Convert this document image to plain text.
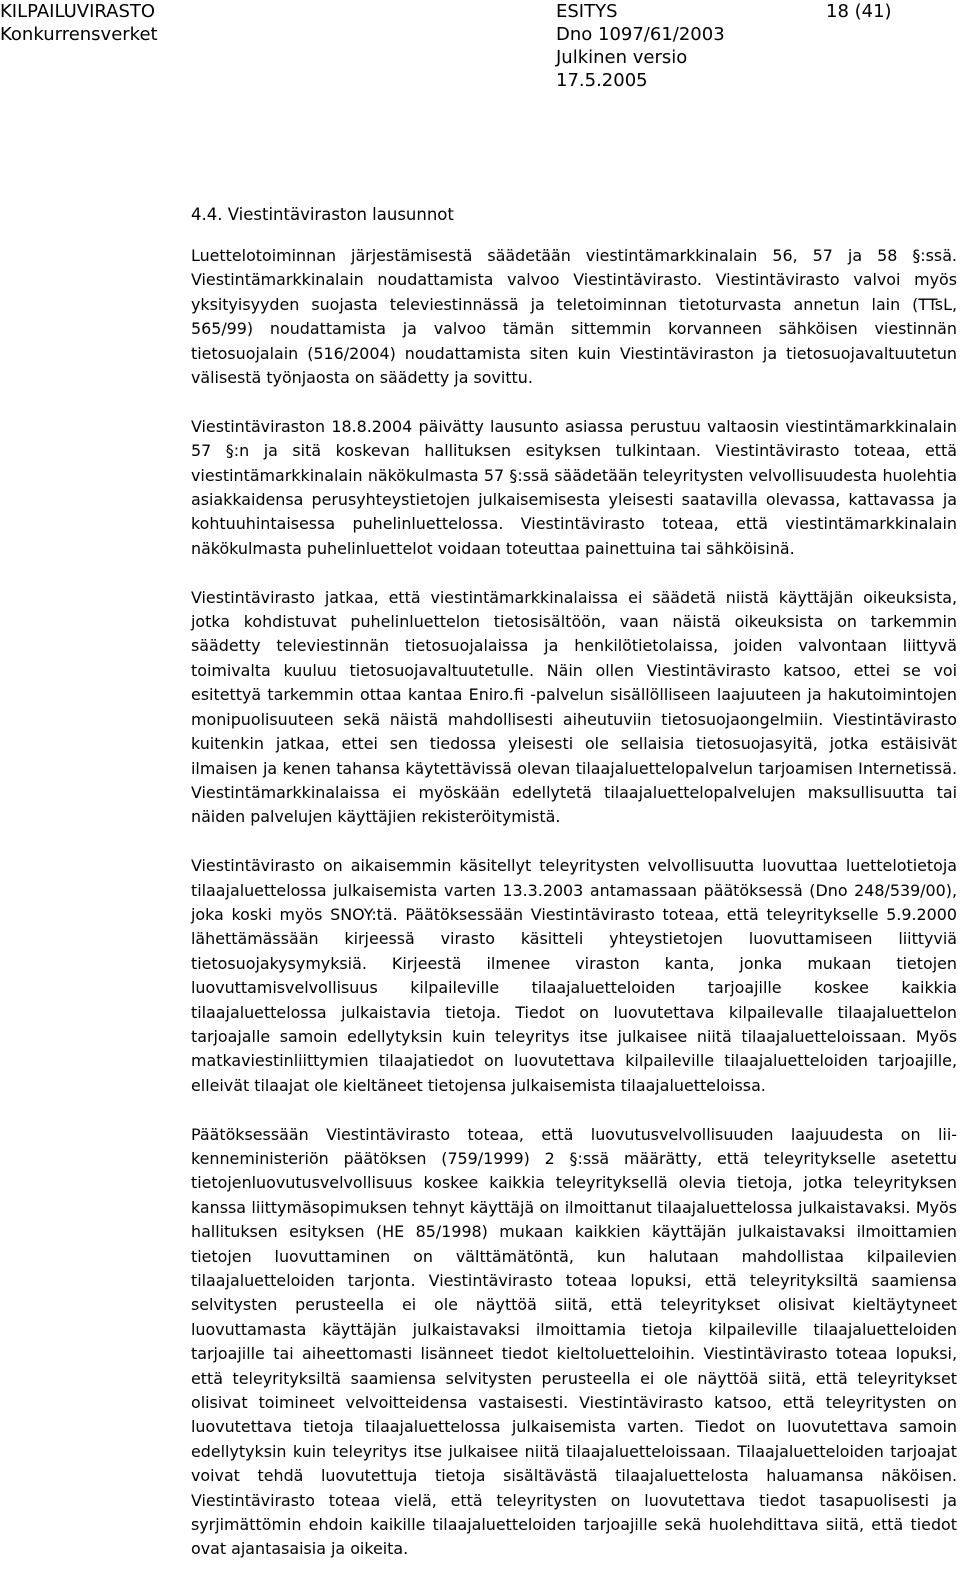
KILPAILUVIRASTO
Konkurrensverket
ESITYS
Dno 1097/61/2003
Julkinen versio
17.5.2005
18 (41)
4.4. Viestintäviraston lausunnot

Luettelotoiminnan järjestämisestä säädetään viestintämarkkinalain 56, 57 ja 58 §:ssä. Viestintämarkkinalain noudattamista valvoo Viestintävirasto. Viestintävirasto valvoi myös yksityisyyden suojasta televiestinnässä ja teletoiminnan tietoturvasta annetun lain (TTsL, 565/99) noudattamista ja valvoo tämän sittemmin korvanneen sähköisen viestinnän tietosuojalain (516/2004) noudattamista siten kuin Viestintäviraston ja tietosuojavaltuutetun välisestä työnjaosta on säädetty ja sovittu.

Viestintäviraston 18.8.2004 päivätty lausunto asiassa perustuu valtaosin viestintämarkkinalain 57 §:n ja sitä koskevan hallituksen esityksen tulkintaan. Viestintävirasto toteaa, että viestintämarkkinalain näkökulmasta 57 §:ssä säädetään teleyritysten velvollisuudesta huolehtia asiakkaidensa perusyhteystietojen julkaisemisesta yleisesti saatavilla olevassa, kattavassa ja kohtuuhintaisessa puhelinluettelossa. Viestintävirasto toteaa, että viestintämarkkinalain näkökulmasta puhelinluettelot voidaan toteuttaa painettuina tai sähköisinä.

Viestintävirasto jatkaa, että viestintämarkkinalaissa ei säädetä niistä käyttäjän oikeuksista, jotka kohdistuvat puhelinluettelon tietosisältöön, vaan näistä oikeuksista on tarkemmin säädetty televiestinnän tietosuojalaissa ja henkilötietolaissa, joiden valvontaan liittyvä toimivalta kuuluu tietosuojavaltuutetulle. Näin ollen Viestintävirasto katsoo, ettei se voi esitettyä tarkemmin ottaa kantaa Eniro.fi -palvelun sisällölliseen laajuuteen ja hakutoimintojen monipuolisuuteen sekä näistä mahdollisesti aiheutuviin tietosuojaongelmiin. Viestintävirasto kuitenkin jatkaa, ettei sen tiedossa yleisesti ole sellaisia tietosuojasyitä, jotka estäisivät ilmaisen ja kenen tahansa käytettävissä olevan tilaajaluettelopalvelun tarjoamisen Internetissä. Viestintämarkkinalaissa ei myöskään edellytetä tilaajaluettelopalvelujen maksullisuutta tai näiden palvelujen käyttäjien rekisteröitymistä.

Viestintävirasto on aikaisemmin käsitellyt teleyritysten velvollisuutta luovuttaa luettelotietoja tilaajaluettelossa julkaisemista varten 13.3.2003 antamassaan päätöksessä (Dno 248/539/00), joka koski myös SNOY:tä. Päätöksessään Viestintävirasto toteaa, että teleyritykselle 5.9.2000 lähettämässään kirjeessä virasto käsitteli yhteystietojen luovuttamiseen liittyviä tietosuojakysymyksiä. Kirjeestä ilmenee viraston kanta, jonka mukaan tietojen luovuttamisvelvollisuus kilpaileville tilaajaluetteloiden tarjoajille koskee kaikkia tilaajaluettelossa julkaistavia tietoja. Tiedot on luovutettava kilpailevalle tilaajaluettelon tarjoajalle samoin edellytyksin kuin teleyritys itse julkaisee niitä tilaajaluetteloissaan. Myös matkaviestinliittymien tilaajatiedot on luovutettava kilpaileville tilaajaluetteloiden tarjoajille, elleivät tilaajat ole kieltäneet tietojensa julkaisemista tilaajaluetteloissa.

Päätöksessään Viestintävirasto toteaa, että luovutusvelvollisuuden laajuudesta on liikenneministeriön päätöksen (759/1999) 2 §:ssä määrätty, että teleyritykselle asetettu tietojenluovutusvelvollisuus koskee kaikkia teleyrityksellä olevia tietoja, jotka teleyrityksen kanssa liittymäsopimuksen tehnyt käyttäjä on ilmoittanut tilaajaluettelossa julkaistavaksi. Myös hallituksen esityksen (HE 85/1998) mukaan kaikkien käyttäjän julkaistavaksi ilmoittamien tietojen luovuttaminen on välttämätöntä, kun halutaan mahdollistaa kilpailevien tilaajaluetteloiden tarjonta. Viestintävirasto toteaa lopuksi, että teleyrityksiltä saamiensa selvitysten perusteella ei ole näyttöä siitä, että teleyritykset olisivat kieltäytyneet luovuttamasta käyttäjän julkaistavaksi ilmoittamia tietoja kilpaileville tilaajaluetteloiden tarjoajille tai aiheettomasti lisänneet tiedot kieltoluetteloihin. Viestintävirasto toteaa lopuksi, että teleyrityksiltä saamiensa selvitysten perusteella ei ole näyttöä siitä, että teleyritykset olisivat toimineet velvoitteidensa vastaisesti. Viestintävirasto katsoo, että teleyritysten on luovutettava tietoja tilaajaluettelossa julkaisemista varten. Tiedot on luovutettava samoin edellytyksin kuin teleyritys itse julkaisee niitä tilaajaluetteloissaan. Tilaajaluetteloiden tarjoajat voivat tehdä luovutettuja tietoja sisältävästä tilaajaluettelosta haluamansa näköisen. Viestintävirasto toteaa vielä, että teleyritysten on luovutettava tiedot tasapuolisesti ja syrjimättömin ehdoin kaikille tilaajaluetteloiden tarjoajille sekä huolehdittava siitä, että tiedot ovat ajantasaisia ja oikeita.
